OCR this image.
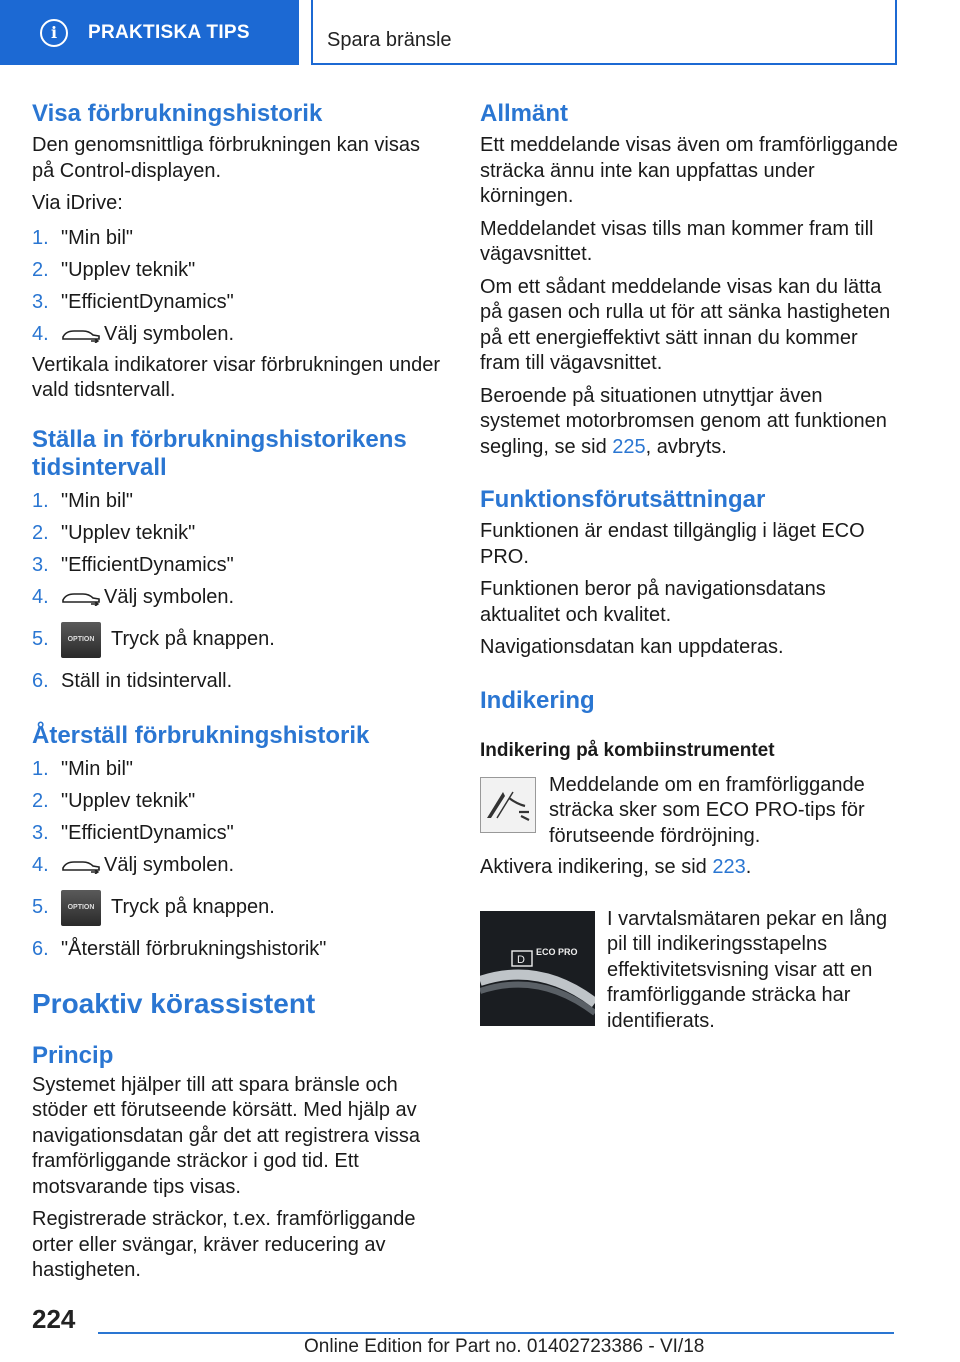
i	PRAKTISKA TIPS	Spara bränsle
Visa förbrukningshistorik

Den genomsnittliga förbrukningen kan visas på Control-displayen.

Via iDrive:

1. "Min bil"
2. "Upplev teknik"
3. "EfficientDynamics"
4.	Välj symbolen.

Vertikala indikatorer visar förbrukningen under vald tidsntervall.

Ställa in förbrukningshistorikens tidsintervall
1. "Min bil"
2. "Upplev teknik"
3. "EfficientDynamics"
4.	Välj symbolen.
5.	OPTION Tryck på knappen.
6. Ställ in tidsintervall.
Återställ förbrukningshistorik
1. "Min bil"
2. "Upplev teknik"
3. "EfficientDynamics"
4.	Välj symbolen.
5.	OPTION Tryck på knappen.
6. "Återställ förbrukningshistorik"
Proaktiv körassistent
Princip

Systemet hjälper till att spara bränsle och stöder ett förutseende körsätt. Med hjälp av navigationsdatan går det att registrera vissa framförliggande sträckor i god tid. Ett motsvarande tips visas.

Registrerade sträckor, t.ex. framförliggande orter eller svängar, kräver reducering av hastigheten.

Allmänt

Ett meddelande visas även om framförliggande sträcka ännu inte kan uppfattas under körningen.

Meddelandet visas tills man kommer fram till vägavsnittet.

Om ett sådant meddelande visas kan du lätta på gasen och rulla ut för att sänka hastigheten på ett energieffektivt sätt innan du kommer fram till vägavsnittet.

Beroende på situationen utnyttjar även systemet motorbromsen genom att funktionen segling, se sid 225, avbryts.

Funktionsförutsättningar

Funktionen är endast tillgänglig i läget ECO PRO.

Funktionen beror på navigationsdatans aktualitet och kvalitet.

Navigationsdatan kan uppdateras.

Indikering
Indikering på kombiinstrumentet

Meddelande om en framförliggande sträcka sker som ECO PRO-tips för förutseende fördröjning.

Aktivera indikering, se sid 223.

D
ECO PRO

I varvtalsmätaren pekar en lång pil till indikeringsstapelns effektivitetsvisning visar att en framförliggande sträcka har identifierats.

224
Online Edition for Part no. 01402723386 - VI/18
